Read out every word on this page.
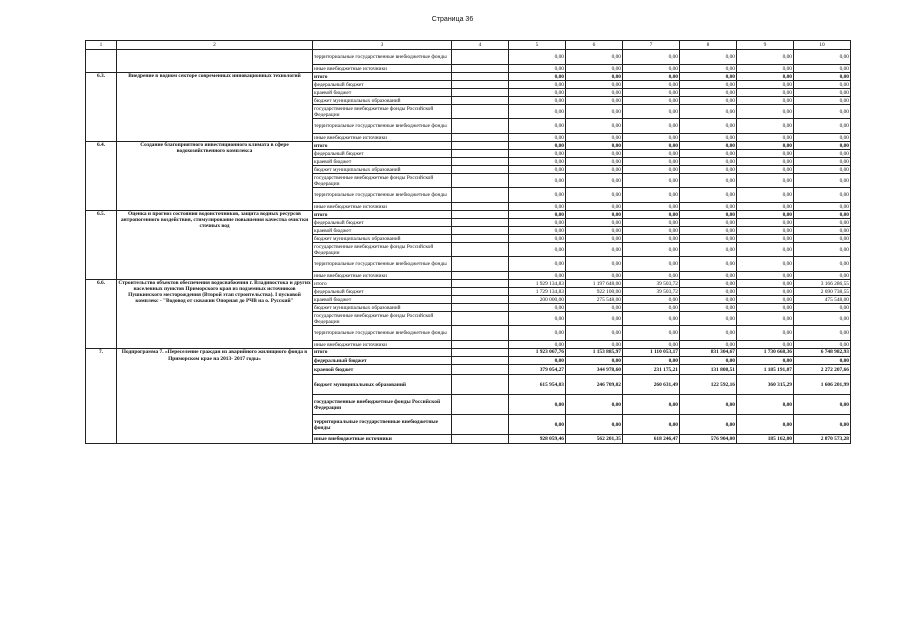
Страница 36
1	2	3	4	5	6	7	8	9	10
		территориальные государственные внебюджетные фонды		0,00	0,00	0,00	0,00	0,00	0,00
		иные внебюджетные источники		0,00	0,00	0,00	0,00	0,00	0,00
6.3.	Внедрение в водном секторе современных инновационных технологий	итого		0,00	0,00	0,00	0,00	0,00	0,00
		федеральный бюджет		0,00	0,00	0,00	0,00	0,00	0,00
		краевой бюджет		0,00	0,00	0,00	0,00	0,00	0,00
		бюджет муниципальных образований		0,00	0,00	0,00	0,00	0,00	0,00
		государственные внебюджетные фонды Российской Федерации		0,00	0,00	0,00	0,00	0,00	0,00
		территориальные государственные внебюджетные фонды		0,00	0,00	0,00	0,00	0,00	0,00
		иные внебюджетные источники		0,00	0,00	0,00	0,00	0,00	0,00
6.4.	Создание благоприятного инвестиционного климата в сфере водохозяйственного комплекса	итого		0,00	0,00	0,00	0,00	0,00	0,00
		федеральный бюджет		0,00	0,00	0,00	0,00	0,00	0,00
		краевой бюджет		0,00	0,00	0,00	0,00	0,00	0,00
		бюджет муниципальных образований		0,00	0,00	0,00	0,00	0,00	0,00
		государственные внебюджетные фонды Российской Федерации		0,00	0,00	0,00	0,00	0,00	0,00
		территориальные государственные внебюджетные фонды		0,00	0,00	0,00	0,00	0,00	0,00
		иные внебюджетные источники		0,00	0,00	0,00	0,00	0,00	0,00
6.5.	Оценка и прогноз состояния водоисточников, защита водных ресурсов антропогенного воздействия, стимулирование повышения качества очистки сточных вод	итого		0,00	0,00	0,00	0,00	0,00	0,00
		федеральный бюджет		0,00	0,00	0,00	0,00	0,00	0,00
		краевой бюджет		0,00	0,00	0,00	0,00	0,00	0,00
		бюджет муниципальных образований		0,00	0,00	0,00	0,00	0,00	0,00
		государственные внебюджетные фонды Российской Федерации		0,00	0,00	0,00	0,00	0,00	0,00
		территориальные государственные внебюджетные фонды		0,00	0,00	0,00	0,00	0,00	0,00
		иные внебюджетные источники		0,00	0,00	0,00	0,00	0,00	0,00
6.6.	Строительство объектов обеспечения водоснабжения г. Владивостока и других населенных пунктов Приморского края из подземных источников Пушкинского месторождения (Второй этап строительства). I пусковой комплекс - "Водовод от скважин Опорная до РЧВ на о. Русский"	итого		1 929 134,83	1 197 648,00	39 503,72	0,00	0,00	3 166 286,55
		федеральный бюджет		1 729 134,83	922 100,00	39 503,72	0,00	0,00	2 690 738,55
		краевой бюджет		200 000,00	275 548,00	0,00	0,00	0,00	475 548,00
		бюджет муниципальных образований		0,00	0,00	0,00	0,00	0,00	0,00
		государственные внебюджетные фонды Российской Федерации		0,00	0,00	0,00	0,00	0,00	0,00
		территориальные государственные внебюджетные фонды		0,00	0,00	0,00	0,00	0,00	0,00
		иные внебюджетные источники		0,00	0,00	0,00	0,00	0,00	0,00
7.	Подпрограмма 7. «Переселение граждан из аварийного жилищного фонда в Приморском крае на 2013- 2017 годы»	итого		1 923 067,76	1 153 885,97	1 110 053,17	831 304,67	1 730 668,36	6 748 982,93
		федеральный бюджет		0,00	0,00	0,00	0,00	0,00	0,00
		краевой бюджет		379 054,27	344 978,60	231 175,21	131 808,51	1 185 191,07	2 272 207,66
		бюджет муниципальных образований		615 954,03	246 709,02	260 631,49	122 592,16	360 315,29	1 606 201,99
		государственные внебюджетные фонды Российской Федерации		0,00	0,00	0,00	0,00	0,00	0,00
		территориальные государственные внебюджетные фонды		0,00	0,00	0,00	0,00	0,00	0,00
		иные внебюджетные источники		928 059,46	562 201,35	618 246,47	576 904,00	185 162,00	2 870 573,28
